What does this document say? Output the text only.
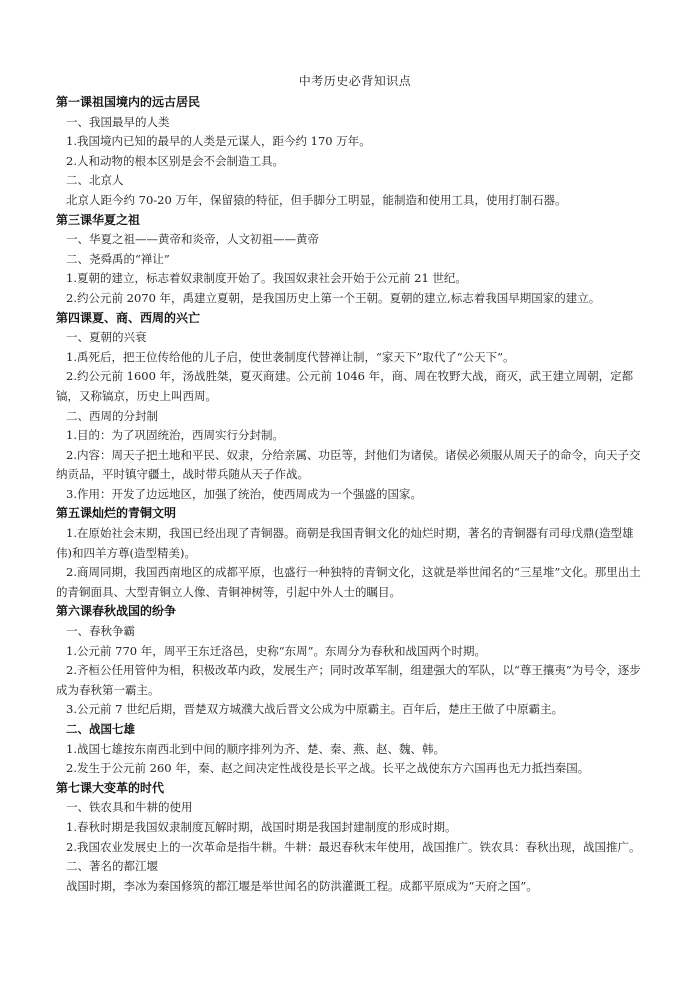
中考历史必背知识点
第一课祖国境内的远古居民
一、我国最早的人类
1.我国境内已知的最早的人类是元谋人，距今约 170 万年。
2.人和动物的根本区别是会不会制造工具。
二、北京人
北京人距今约 70-20 万年，保留猿的特征，但手脚分工明显，能制造和使用工具，使用打制石器。
第三课华夏之祖
一、华夏之祖——黄帝和炎帝，人文初祖——黄帝
二、尧舜禹的“禅让”
1.夏朝的建立，标志着奴隶制度开始了。我国奴隶社会开始于公元前 21 世纪。
2.约公元前 2070 年，禹建立夏朝，是我国历史上第一个王朝。夏朝的建立,标志着我国早期国家的建立。
第四课夏、商、西周的兴亡
一、夏朝的兴衰
1.禹死后，把王位传给他的儿子启，使世袭制度代替禅让制，“家天下”取代了“公天下”。
2.约公元前 1600 年，汤战胜桀，夏灭商建。公元前 1046 年，商、周在牧野大战，商灭，武王建立周朝，定都镐，又称镐京，历史上叫西周。
二、西周的分封制
1.目的：为了巩固统治，西周实行分封制。
2.内容：周天子把土地和平民、奴隶，分给亲属、功臣等，封他们为诸侯。诸侯必须服从周天子的命令，向天子交纳贡品，平时镇守疆土，战时带兵随从天子作战。
3.作用：开发了边远地区，加强了统治，使西周成为一个强盛的国家。
第五课灿烂的青铜文明
1.在原始社会末期，我国已经出现了青铜器。商朝是我国青铜文化的灿烂时期，著名的青铜器有司母戊鼎(造型雄伟)和四羊方尊(造型精美)。
2.商周同期，我国西南地区的成都平原，也盛行一种独特的青铜文化，这就是举世闻名的“三星堆”文化。那里出土的青铜面具、大型青铜立人像、青铜神树等，引起中外人士的瞩目。
第六课春秋战国的纷争
一、春秋争霸
1.公元前 770 年，周平王东迁洛邑，史称“东周”。东周分为春秋和战国两个时期。
2.齐桓公任用管仲为相，积极改革内政，发展生产；同时改革军制，组建强大的军队，以“尊王攘夷”为号令，逐步成为春秋第一霸主。
3.公元前 7 世纪后期，晋楚双方城濮大战后晋文公成为中原霸主。百年后，楚庄王做了中原霸主。
二、战国七雄
1.战国七雄按东南西北到中间的顺序排列为齐、楚、秦、燕、赵、魏、韩。
2.发生于公元前 260 年，秦、赵之间决定性战役是长平之战。长平之战使东方六国再也无力抵挡秦国。
第七课大变革的时代
一、铁农具和牛耕的使用
1.春秋时期是我国奴隶制度瓦解时期，战国时期是我国封建制度的形成时期。
2.我国农业发展史上的一次革命是指牛耕。牛耕：最迟春秋末年使用，战国推广。铁农具：春秋出现，战国推广。
二、著名的都江堰
战国时期，李冰为秦国修筑的都江堰是举世闻名的防洪灌溉工程。成都平原成为“天府之国”。
